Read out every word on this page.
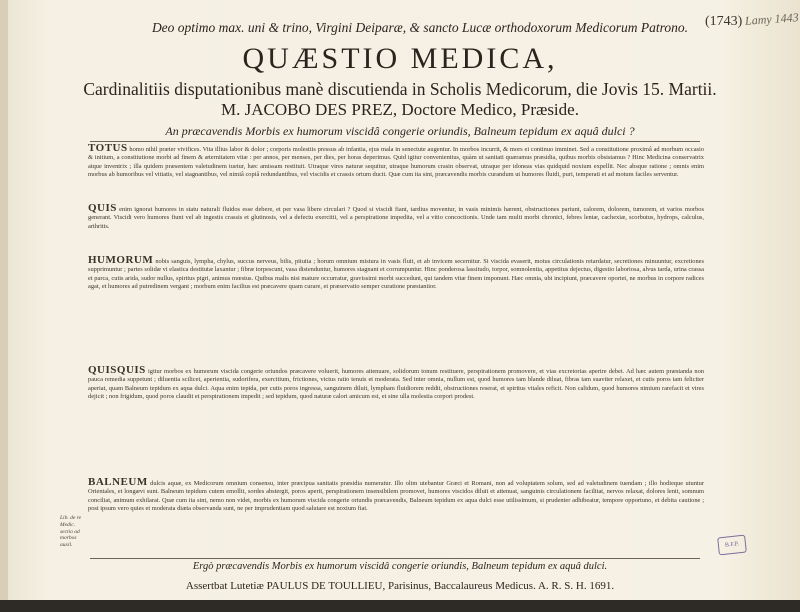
Deo optimo max. uni & trino, Virgini Deiparæ, & sancto Lucæ orthodoxorum Medicorum Patrono. (1743) Lamy 1443
QUÆSTIO MEDICA,
Cardinalitiis disputationibus manè discutienda in Scholis Medicorum, die Jovis 15. Martii.
M. JACOBO DES PREZ, Doctore Medico, Præside.
An præcavendis Morbis ex humorum viscidâ congerie oriundis, Balneum tepidum ex aquâ dulci ?
TOTUS homo nihil præter vivifices. Vita illius labor & dolor ; corporis molestiis pressus ab infantia, ejus mala in senectute augentur. In morbos incurrit, & mors ei continuo imminet. Sed a constitutione proximâ ad morbum occasio & initium, a constitutione morbi ad finem & æternitatem vitæ : per annos, per menses, per dies, per horas deperimus. Quid igitur convenientius, quàm ut sanitati quæramus præsidia, quibus morbis obsistamus ? Hinc Medicina conservatrix atque inventrix ; illa quidem præsentem valetudinem tuetur, hæc amissam restituit. Utraque vires naturæ sequitur, utraque humorum crasin observat, utraque per idoneas vias quidquid noxium expellit. Nec absque ratione ; omnis enim morbus ab humoribus vel vitiatis, vel stagnantibus, vel nimiâ copiâ redundantibus, vel viscidis et crassis ortum ducit. Quæ cum ita sint, præcavendis morbis curandum ut humores fluidi, puri, temperati et ad motum faciles serventur.
QUIS enim ignorat humores in statu naturali fluidos esse debere, et per vasa libere circulari ? Quod si viscidi fiant, tardius moventur, in vasis minimis hærent, obstructiones pariunt, calorem, dolorem, tumorem, et varios morbos generant. Viscidi vero humores fiunt vel ab ingestis crassis et glutinosis, vel a defectu exercitii, vel a perspiratione impedita, vel a vitio concoctionis. Unde tam multi morbi chronici, febres lentæ, cachexiæ, scorbutus, hydrops, calculus, arthritis.
HUMORUM nobis sanguis, lympha, chylus, succus nerveus, bilis, pituita ; horum omnium mistura in vasis fluit, et ab invicem secernitur. Si viscida evaserit, motus circulationis retardatur, secretiones minuuntur, excretiones supprimuntur ; partes solidæ vi elastica destitutæ laxantur ; fibræ torpescunt, vasa distenduntur, humores stagnant et corrumpuntur. Hinc ponderosa lassitudo, torpor, somnolentia, appetitus dejectus, digestio laboriosa, alvus tarda, urina crassa et parca, cutis arida, sudor nullus, spiritus pigri, animus mœstus. Quibus malis nisi mature occurratur, gravissimi morbi succedunt, qui tandem vitæ finem imponunt. Hæc omnia, ubi incipiunt, præcavere oportet, ne morbus in corpore radices agat, et humores ad putredinem vergant ; morbum enim facilius est præcavere quam curare, et præservatio semper curatione præstantior.
QUISQUIS igitur morbos ex humorum viscida congerie oriundos præcavere voluerit, humores attenuare, solidorum tonum restituere, perspirationem promovere, et vias excretorias aperire debet. Ad hæc autem præstanda non pauca remedia suppetunt ; diluentia scilicet, aperientia, sudorifera, exercitium, frictiones, victus ratio tenuis et moderata. Sed inter omnia, nullum est, quod humores tam blande diluat, fibras tam suaviter relaxet, et cutis poros tam feliciter aperiat, quam Balneum tepidum ex aqua dulci. Aqua enim tepida, per cutis poros ingressa, sanguinem diluit, lympham fluidiorem reddit, obstructiones reserat, et spiritus vitales reficit. Non calidum, quod humores nimium rarefacit et vires dejicit ; non frigidum, quod poros claudit et perspirationem impedit ; sed tepidum, quod naturæ calori amicum est, et sine ulla molestia corpori prodest.
BALNEUM dulcis aquæ, ex Medicorum omnium consensu, inter præcipua sanitatis præsidia numeratur. Illo olim utebantur Græci et Romani, non ad voluptatem solum, sed ad valetudinem tuendam ; illo hodieque utuntur Orientales, et longævi sunt. Balneum tepidum cutem emollit, sordes abstergit, poros aperit, perspirationem insensibilem promovet, humores viscidos diluit et attenuat, sanguinis circulationem facilitat, nervos relaxat, dolores lenit, somnum conciliat, animum exhilarat. Quæ cum ita sint, nemo non videt, morbis ex humorum viscida congerie oriundis præcavendis, Balneum tepidum ex aqua dulci esse utilissimum, si prudenter adhibeatur, tempore opportuno, et debita cautione ; post ipsum vero quies et moderata diæta observanda sunt, ne per imprudentiam quod salutare est noxium fiat.
Lib. de re Medic. sectio ad morbos auxil.	B.F.P.
Ergò præcavendis Morbis ex humorum viscidâ congerie oriundis, Balneum tepidum ex aquâ dulci.
Assertbat Lutetiæ PAULUS DE TOULLIEU, Parisinus, Baccalaureus Medicus. A. R. S. H. 1691.
